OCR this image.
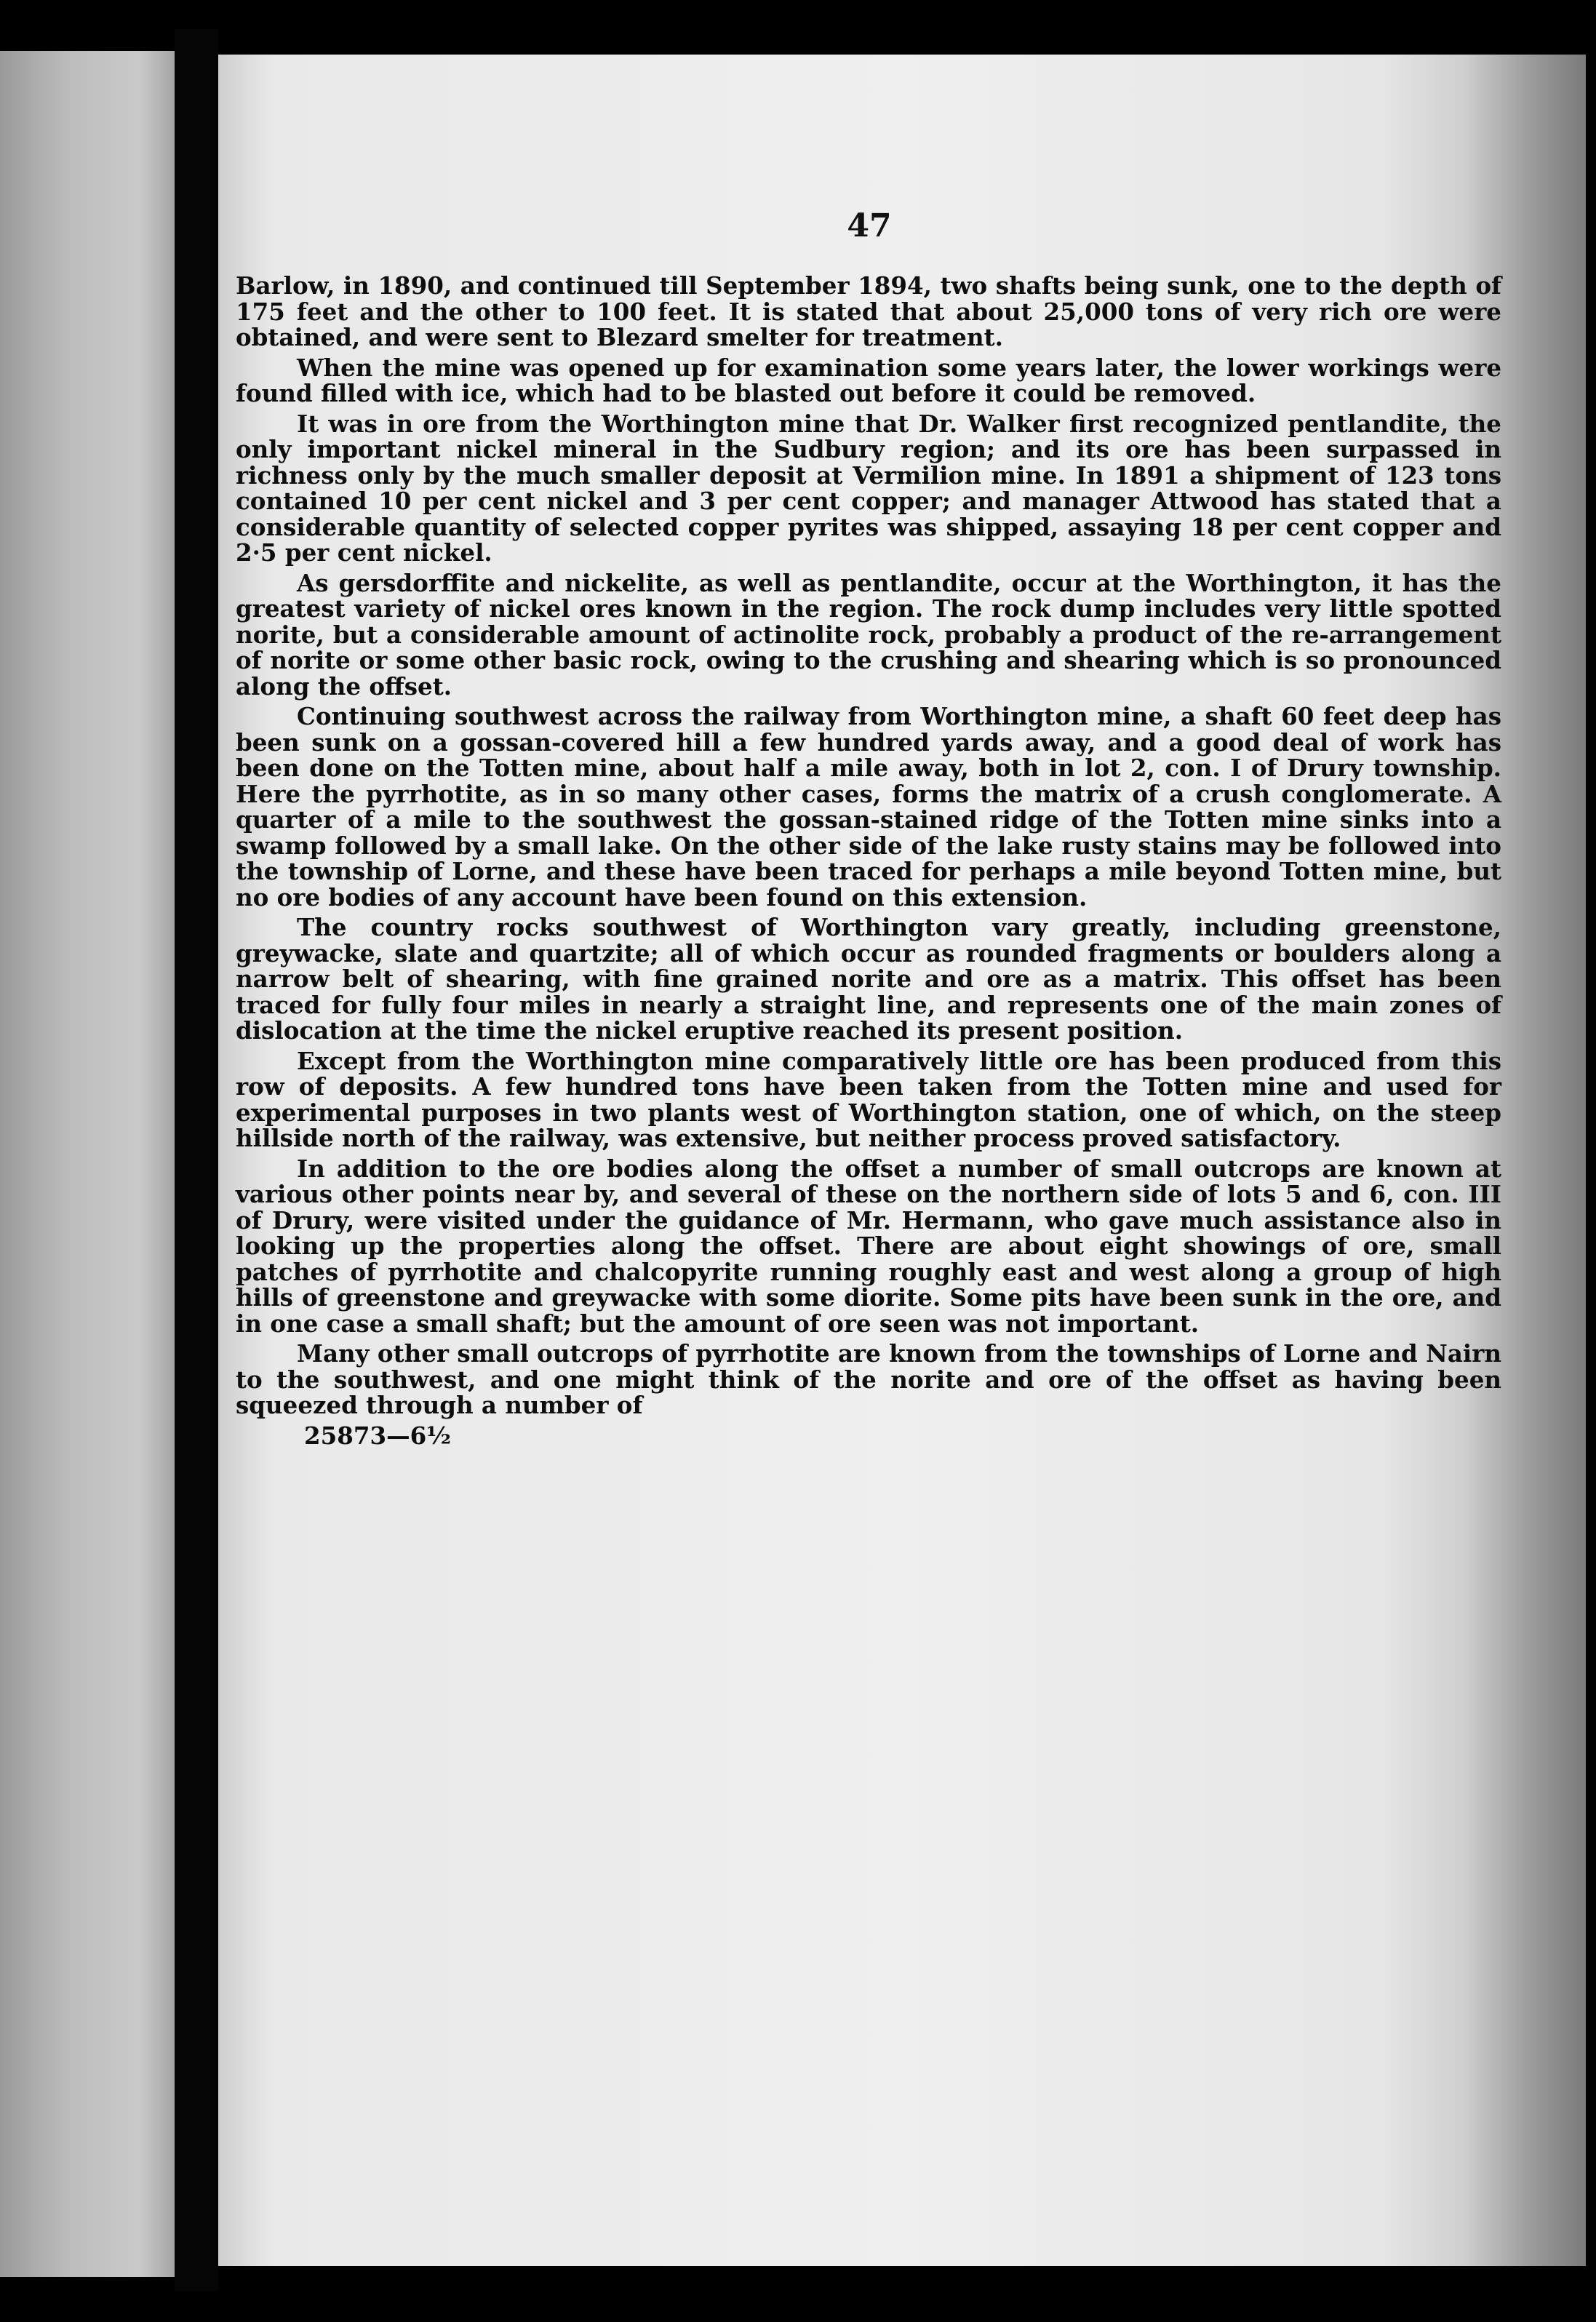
47

Barlow, in 1890, and continued till September 1894, two shafts being sunk, one to the depth of 175 feet and the other to 100 feet. It is stated that about 25,000 tons of very rich ore were obtained, and were sent to Blezard smelter for treatment.

When the mine was opened up for examination some years later, the lower workings were found filled with ice, which had to be blasted out before it could be removed.

It was in ore from the Worthington mine that Dr. Walker first recognized pentlandite, the only important nickel mineral in the Sudbury region; and its ore has been surpassed in richness only by the much smaller deposit at Vermilion mine. In 1891 a shipment of 123 tons contained 10 per cent nickel and 3 per cent copper; and manager Attwood has stated that a considerable quantity of selected copper pyrites was shipped, assaying 18 per cent copper and 2·5 per cent nickel.

As gersdorffite and nickelite, as well as pentlandite, occur at the Worthington, it has the greatest variety of nickel ores known in the region. The rock dump includes very little spotted norite, but a considerable amount of actinolite rock, probably a product of the re-arrangement of norite or some other basic rock, owing to the crushing and shearing which is so pronounced along the offset.

Continuing southwest across the railway from Worthington mine, a shaft 60 feet deep has been sunk on a gossan-covered hill a few hundred yards away, and a good deal of work has been done on the Totten mine, about half a mile away, both in lot 2, con. I of Drury township. Here the pyrrhotite, as in so many other cases, forms the matrix of a crush conglomerate. A quarter of a mile to the southwest the gossan-stained ridge of the Totten mine sinks into a swamp followed by a small lake. On the other side of the lake rusty stains may be followed into the township of Lorne, and these have been traced for perhaps a mile beyond Totten mine, but no ore bodies of any account have been found on this extension.

The country rocks southwest of Worthington vary greatly, including greenstone, greywacke, slate and quartzite; all of which occur as rounded fragments or boulders along a narrow belt of shearing, with fine grained norite and ore as a matrix. This offset has been traced for fully four miles in nearly a straight line, and represents one of the main zones of dislocation at the time the nickel eruptive reached its present position.

Except from the Worthington mine comparatively little ore has been produced from this row of deposits. A few hundred tons have been taken from the Totten mine and used for experimental purposes in two plants west of Worthington station, one of which, on the steep hillside north of the railway, was extensive, but neither process proved satisfactory.

In addition to the ore bodies along the offset a number of small outcrops are known at various other points near by, and several of these on the northern side of lots 5 and 6, con. III of Drury, were visited under the guidance of Mr. Hermann, who gave much assistance also in looking up the properties along the offset. There are about eight showings of ore, small patches of pyrrhotite and chalcopyrite running roughly east and west along a group of high hills of greenstone and greywacke with some diorite. Some pits have been sunk in the ore, and in one case a small shaft; but the amount of ore seen was not important.

Many other small outcrops of pyrrhotite are known from the townships of Lorne and Nairn to the southwest, and one might think of the norite and ore of the offset as having been squeezed through a number of

25873—6½
